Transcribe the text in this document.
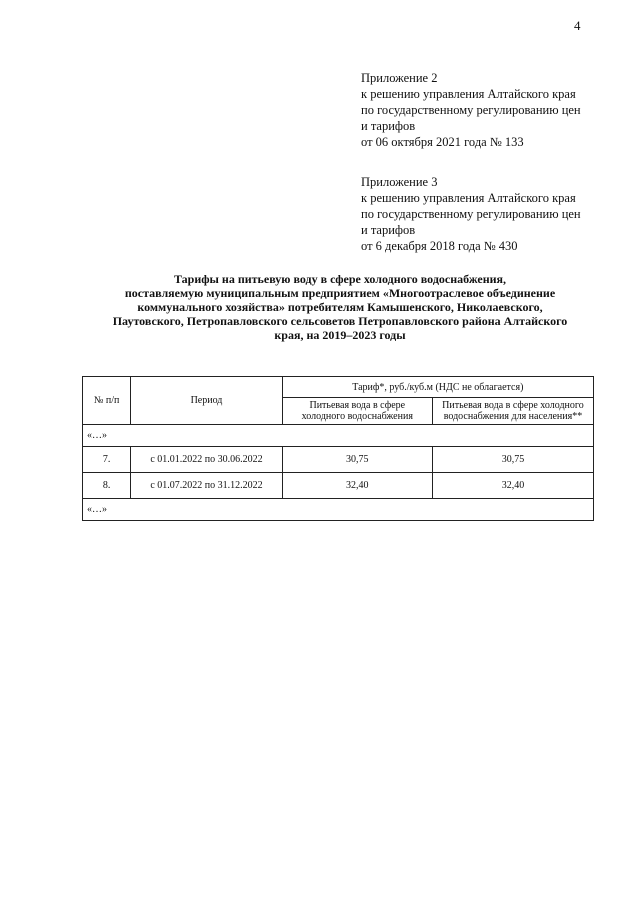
4
Приложение 2
к решению управления Алтайского края
по государственному регулированию цен
и тарифов
от 06 октября 2021 года № 133
Приложение 3
к решению управления Алтайского края
по государственному регулированию цен
и тарифов
от 6 декабря 2018 года № 430
Тарифы на питьевую воду в сфере холодного водоснабжения,
поставляемую муниципальным предприятием «Многоотраслевое объединение
коммунального хозяйства» потребителям Камышенского, Николаевского,
Паутовского, Петропавловского сельсоветов Петропавловского района Алтайского
края, на 2019–2023 годы
№ п/п	Период	Тариф*, руб./куб.м (НДС не облагается)	
		Питьевая вода в сфере холодного водоснабжения	Питьевая вода в сфере холодного водоснабжения для населения**
«…»			
7.	с 01.01.2022 по 30.06.2022	30,75	30,75
8.	с 01.07.2022 по 31.12.2022	32,40	32,40
«…»			
